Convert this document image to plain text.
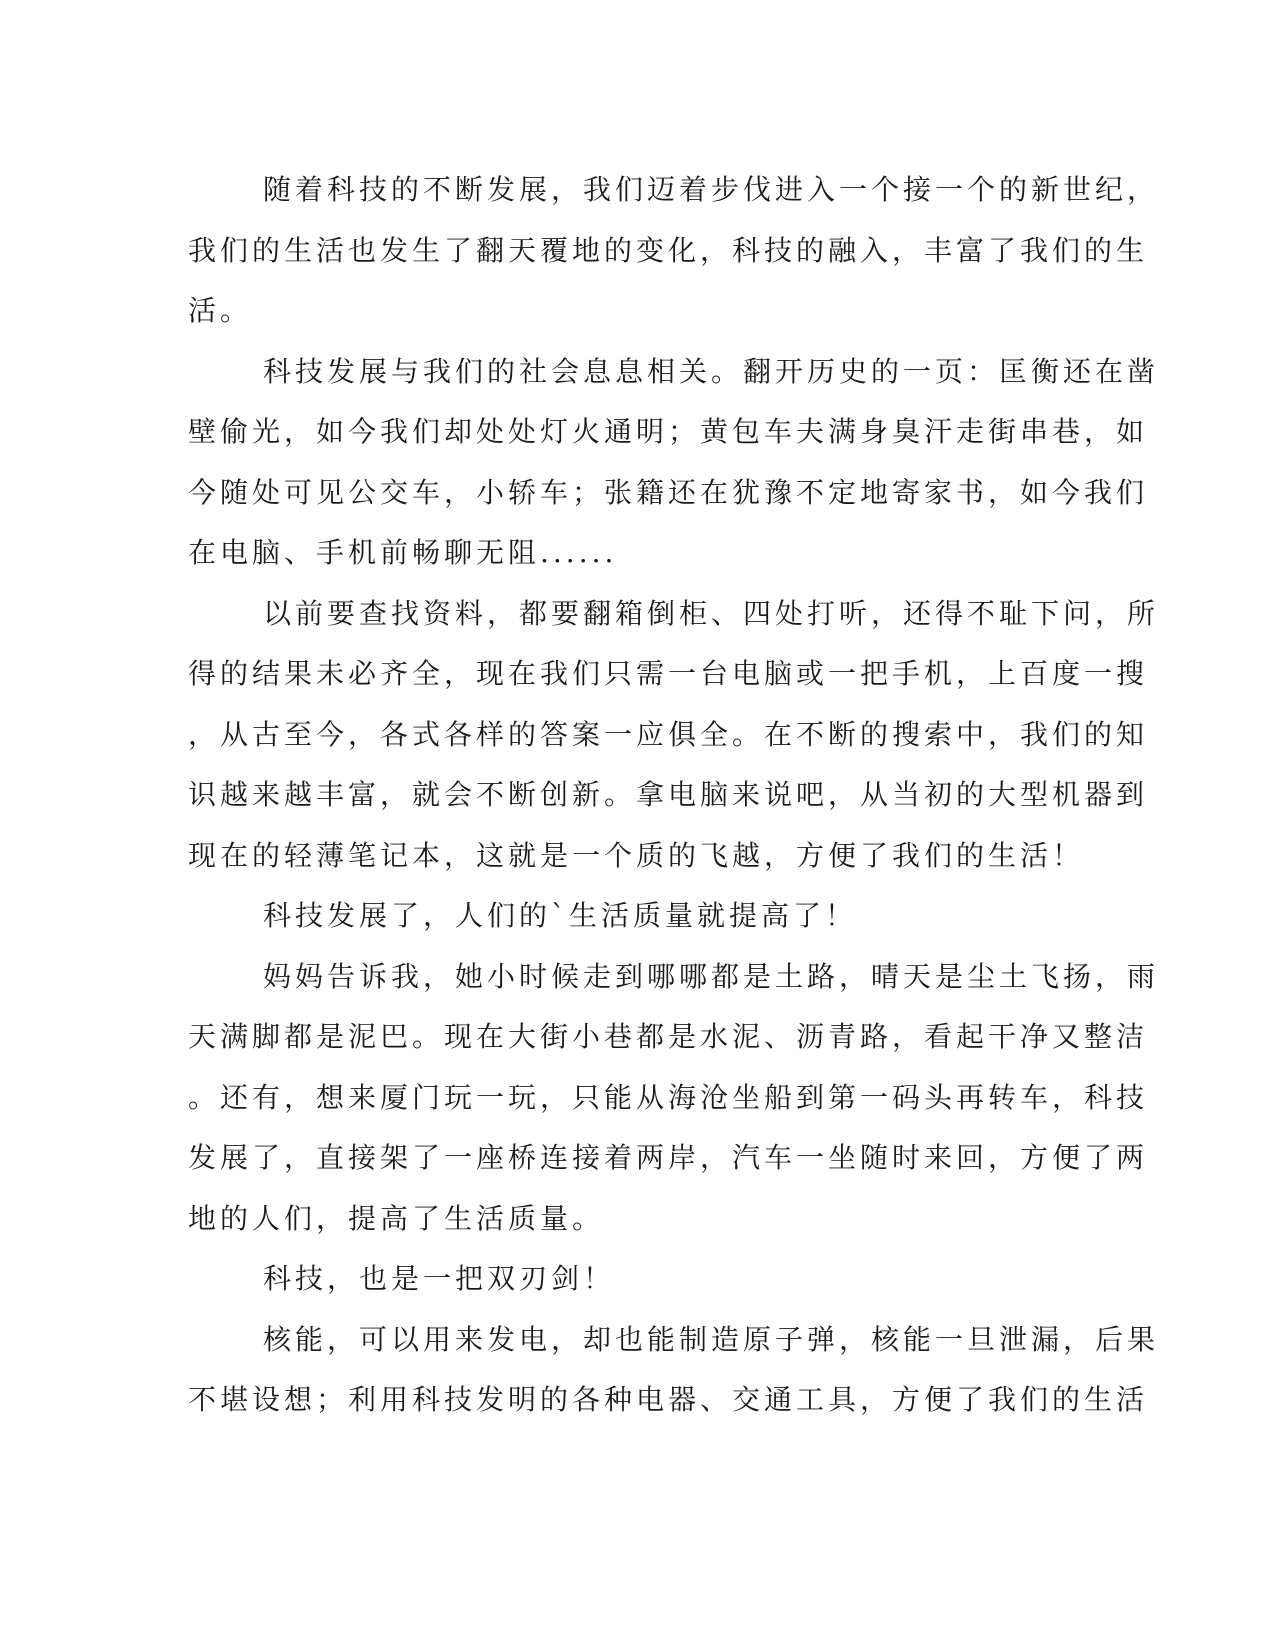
随着科技的不断发展，我们迈着步伐进入一个接一个的新世纪，
我们的生活也发生了翻天覆地的变化，科技的融入，丰富了我们的生
活。
科技发展与我们的社会息息相关。翻开历史的一页：匡衡还在凿
壁偷光，如今我们却处处灯火通明；黄包车夫满身臭汗走街串巷，如
今随处可见公交车，小轿车；张籍还在犹豫不定地寄家书，如今我们
在电脑、手机前畅聊无阻......
以前要查找资料，都要翻箱倒柜、四处打听，还得不耻下问，所
得的结果未必齐全，现在我们只需一台电脑或一把手机，上百度一搜
，从古至今，各式各样的答案一应俱全。在不断的搜索中，我们的知
识越来越丰富，就会不断创新。拿电脑来说吧，从当初的大型机器到
现在的轻薄笔记本，这就是一个质的飞越，方便了我们的生活！
科技发展了，人们的`生活质量就提高了！
妈妈告诉我，她小时候走到哪哪都是土路，晴天是尘土飞扬，雨
天满脚都是泥巴。现在大街小巷都是水泥、沥青路，看起干净又整洁
。还有，想来厦门玩一玩，只能从海沧坐船到第一码头再转车，科技
发展了，直接架了一座桥连接着两岸，汽车一坐随时来回，方便了两
地的人们，提高了生活质量。
科技，也是一把双刃剑！
核能，可以用来发电，却也能制造原子弹，核能一旦泄漏，后果
不堪设想；利用科技发明的各种电器、交通工具，方便了我们的生活
